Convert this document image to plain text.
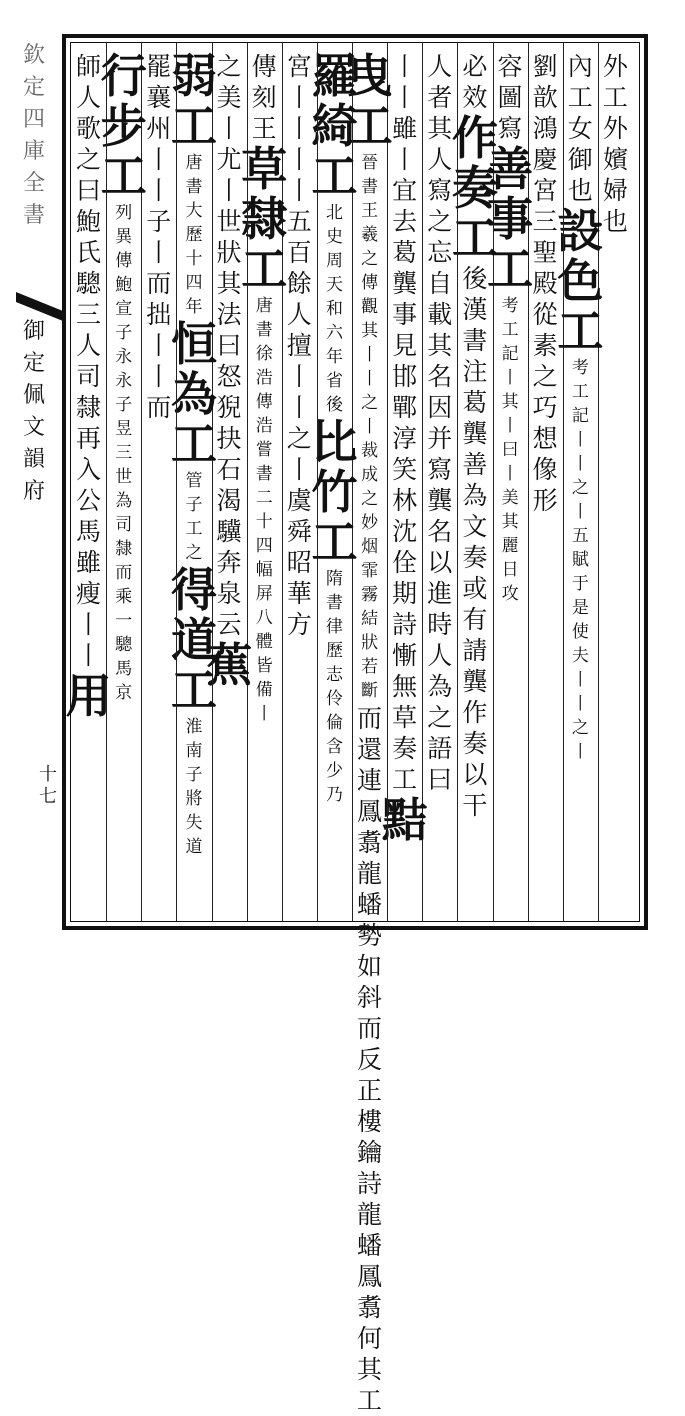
欽
定
四
庫
全
書
御
定
佩
文
韻
府
十
七
外
工
外
嬪
婦
也
內
工
女
御
也
設
色
工
考
工
記
丨
丨
之
丨
五
賦
于
是
使
夫
丨
丨
之
丨
劉
歆
鴻
慶
宮
三
聖
殿
從
素
之
巧
想
像
形
容
圖
寫
善
事
工
考
工
記
丨
其
丨
曰
丨
美
其
麗
日
攻
必
效
作
奏
工
後
漢
書
注
葛
龔
善
為
文
奏
或
有
請
龔
作
奏
以
干
人
者
其
人
寫
之
忘
自
載
其
名
因
并
寫
龔
名
以
進
時
人
為
之
語
曰
丨
丨
雖
丨
宜
去
葛
龔
事
見
邯
鄲
淳
笑
林
沈
佺
期
詩
慚
無
草
奏
工
黠
曳
工
晉
書
王
羲
之
傳
觀
其
丨
丨
之
丨
裁
成
之
妙
烟
霏
霧
結
狀
若
斷
而
還
連
鳳
翥
龍
蟠
勢
如
斜
而
反
正
樓
鑰
詩
龍
蟠
鳳
翥
何
其
工
羅
綺
工
北
史
周
天
和
六
年
省
後
比
竹
工
隋
書
律
歷
志
伶
倫
含
少
乃
宮
丨
丨
丨
丨
五
百
餘
人
擅
丨
丨
之
丨
虞
舜
昭
華
方
傳
刻
王
草
隸
工
唐
書
徐
浩
傳
浩
嘗
書
二
十
四
幅
屏
八
體
皆
備
丨
之
美
丨
尤
丨
世
狀
其
法
曰
怒
猊
抉
石
渴
驥
奔
泉
云
蕉
弱
工
唐
書
大
歷
十
四
年
恒
為
工
管
子
工
之
得
道
工
淮
南
子
將
失
道
罷
襄
州
丨
丨
子
丨
而
拙
丨
丨
而
行
步
工
列
異
傳
鮑
宣
子
永
永
子
昱
三
世
為
司
隸
而
乘
一
驄
馬
京
師
人
歌
之
曰
鮑
氏
驄
三
人
司
隸
再
入
公
馬
雖
瘦
丨
丨
用
